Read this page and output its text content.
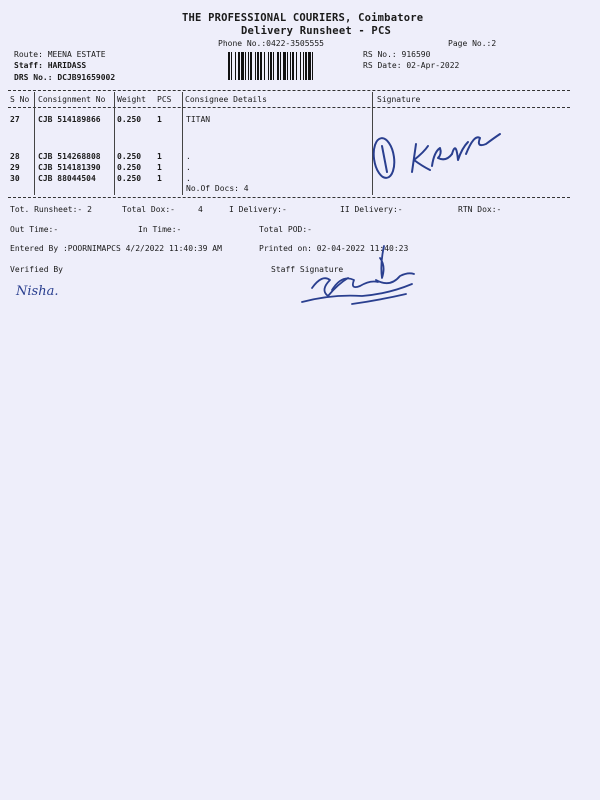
THE PROFESSIONAL COURIERS, Coimbatore
Delivery Runsheet - PCS
Phone No.:0422-3505555	Page No.:2
Route: MEENA ESTATE
Staff: HARIDASS
DRS No.: DCJB91659002
RS No.: 916590
RS Date: 02-Apr-2022
S No Consignment No Weight PCS Consignee Details	Signature
27 CJB 514189866 0.250 1	TITAN
28 CJB 514268808 0.250 1	.
29 CJB 514181390 0.250 1	.
30 CJB 88044504	0.250 1	.
No.Of Docs: 4
Tot. Runsheet:- 2	Total Dox:-	4	I Delivery:-	II Delivery:-	RTN Dox:-
Out Time:-	In Time:-	Total POD:-
Entered By :POORNIMAPCS 4/2/2022 11:40:39 AM	Printed on: 02-04-2022 11:40:23
Verified By	Staff Signature
Nisha.
